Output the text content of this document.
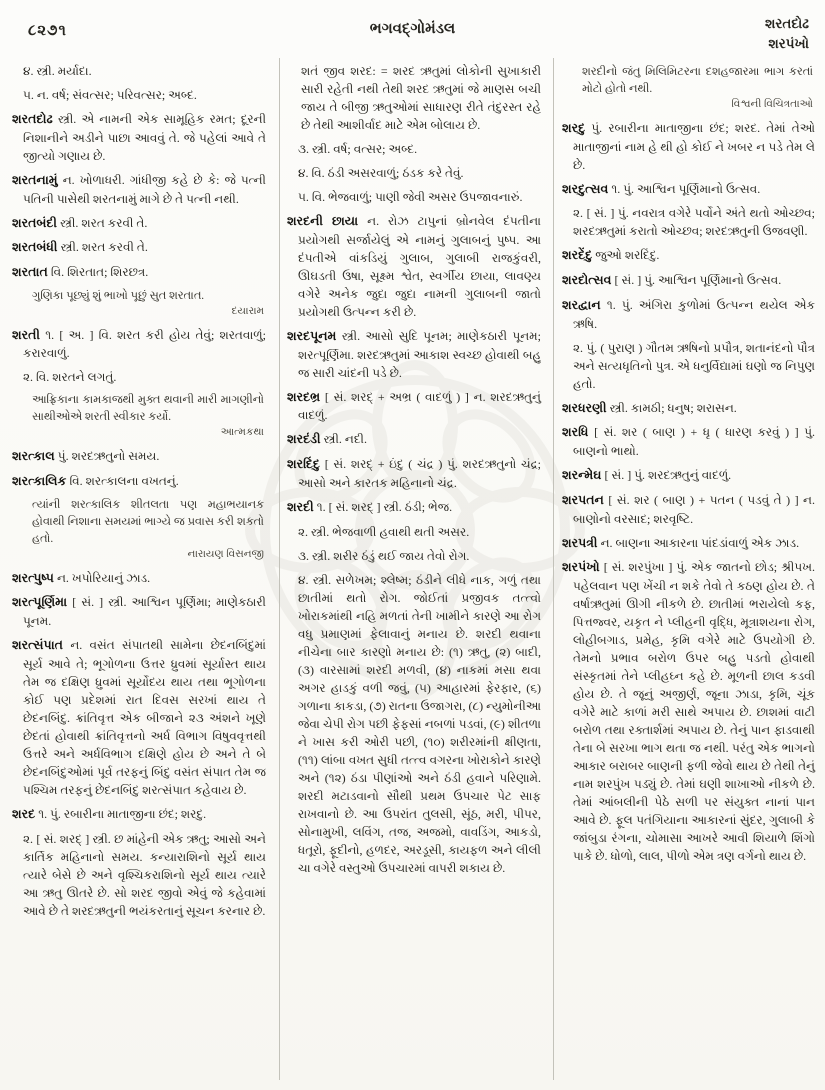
૮૨૭૧	ભગવદ્ગોમંડલ	શરતદોઢ
શરપંખો

૪. સ્ત્રી. મર્યાદા.

૫. ન. વર્ષ; સંવત્સર; પરિવત્સર; અબ્દ.

શરતદોઢ સ્ત્રી. એ નામની એક સામૂહિક રમત; દૂરની નિશાનીને અડીને પાછા આવવું તે. જે પહેલાં આવે તે જીત્યો ગણાય છે.

શરતનામું ન. ખોળાધરી. ગાંધીજી કહે છે કે: જે પત્ની પતિની પાસેથી શરતનામું માગે છે તે પત્ની નથી.

શરતબંદી સ્ત્રી. શરત કરવી તે.

શરતબંધી સ્ત્રી. શરત કરવી તે.

શરતાત વિ. શિરતાત; શિરછત્ર.

ગુણિકા પૂછ્યું શું ભાખો પૂછું સુત શરતાત.

દયારામ

શરતી ૧. [ અ. ] વિ. શરત કરી હોય તેવું; શરતવાળું; કરારવાળું.

૨. વિ. શરતને લગતું.

આફ્રિકાના કામકાજથી મુક્ત થવાની મારી માગણીનો સાથીઓએ શરતી સ્વીકાર કર્યો.

આત્મકથા

શરત્કાલ પું. શરદઋતુનો સમય.

શરત્કાલિક વિ. શરત્કાલના વખતનું.

ત્યાંની શરત્કાલિક શીતલતા પણ મહાભયાનક હોવાથી નિશાના સમયમાં ભાગ્યે જ પ્રવાસ કરી શકતો હતો.

નારાયણ વિસનજી

શરત્પુષ્પ ન. ખપોરિયાનું ઝાડ.

શરત્પૂર્ણિમા [ સં. ] સ્ત્રી. આશ્વિન પૂર્ણિમા; માણેકઠારી પૂનમ.

શરત્સંપાત ન. વસંત સંપાતથી સામેના છેદનબિંદુમાં સૂર્ય આવે તે; ભૂગોળના ઉત્તર ધ્રુવમાં સૂર્યાસ્ત થાય તેમ જ દક્ષિણ ધ્રુવમાં સૂર્યોદય થાય તથા ભૂગોળના કોઈ પણ પ્રદેશમાં રાત દિવસ સરખાં થાય તે છેદનબિંદુ. ક્રાંતિવૃત્ત એક બીજાને ૨૩ અંશને ખૂણે છેદતાં હોવાથી ક્રાંતિવૃત્તનો અર્ધ વિભાગ વિષુવવૃત્તથી ઉત્તરે અને અર્ધવિભાગ દક્ષિણે હોય છે અને તે બે છેદનબિંદુઓમાં પૂર્વ તરફનું બિંદુ વસંત સંપાત તેમ જ પશ્ચિમ તરફનું છેદનબિંદુ શરત્સંપાત કહેવાય છે.

શરદ ૧. પું. રબારીના માતાજીના છંદ; શરદુ.

૨. [ સં. શરદ્ ] સ્ત્રી. છ માંહેની એક ઋતુ; આસો અને કાર્તિક મહિનાનો સમય. કન્યારાશિનો સૂર્ય થાય ત્યારે બેસે છે અને વૃશ્ચિકરાશિનો સૂર્ય થાય ત્યારે આ ઋતુ ઊતરે છે. સો શરદ જીવો એવું જે કહેવામાં આવે છે તે શરદઋતુની ભયંકરતાનું સૂચન કરનાર છે.

શતં જીવ શરદ: = શરદ ઋતુમાં લોકોની સુખાકારી સારી રહેતી નથી તેથી શરદ ઋતુમાં જે માણસ બચી જાય તે બીજી ઋતુઓમાં સાધારણ રીતે તંદુરસ્ત રહે છે તેથી આશીર્વાદ માટે એમ બોલાય છે.

૩. સ્ત્રી. વર્ષ; વત્સર; અબ્દ.

૪. વિ. ઠંડી અસરવાળું; ઠંડક કરે તેવું.

૫. વિ. ભેજવાળું; પાણી જેવી અસર ઉપજાવનારું.

શરદની છાયા ન. રોઝ ટાપુનાં બ્રોનવેલ દંપતીના પ્રયોગથી સર્જાયેલું એ નામનું ગુલાબનું પુષ્પ. આ દંપતીએ વાંકડિયું ગુલાબ, ગુલાબી રાજકુંવરી, ઊઘડતી ઉષા, સૂક્ષ્મ શ્વેત, સ્વર્ગીય છાયા, લાવણ્ય વગેરે અનેક જુદા જુદા નામની ગુલાબની જાતો પ્રયોગથી ઉત્પન્ન કરી છે.

શરદપૂનમ સ્ત્રી. આસો સુદિ પૂનમ; માણેકઠારી પૂનમ; શરત્પૂર્ણિમા. શરદઋતુમાં આકાશ સ્વચ્છ હોવાથી બહુ જ સારી ચાંદની પડે છે.

શરદભ્ર [ સં. શરદ્ + અભ્ર ( વાદળું ) ] ન. શરદઋતુનું વાદળું.

શરદંડી સ્ત્રી. નદી.

શરદિંદુ [ સં. શરદ્ + ઇંદુ ( ચંદ્ર ) પું. શરદઋતુનો ચંદ્ર; આસો અને કારતક મહિનાનો ચંદ્ર.

શરદી ૧. [ સં. શરદ્ ] સ્ત્રી. ઠંડી; ભેજ.

૨. સ્ત્રી. ભેજવાળી હવાથી થતી અસર.

૩. સ્ત્રી. શરીર ઠંડું થઈ જાય તેવો રોગ.

૪. સ્ત્રી. સળેખમ; શ્લેષ્મ; ઠંડીને લીધે નાક, ગળું તથા છાતીમાં થતો રોગ. જોઈતાં પ્રજીવક તત્ત્વો ખોરાકમાંથી નહિ મળતાં તેની ખામીને કારણે આ રોગ વધુ પ્રમાણમાં ફેલાવાનું મનાય છે. શરદી થવાના નીચેના બાર કારણો મનાય છે: (૧) ઋતુ, (૨) બાદી, (૩) વારસામાં શરદી મળવી, (૪) નાકમાં મસા થવા અગર હાડકું વળી જવું, (૫) આહારમાં ફેરફાર, (૬) ગળાના કાકડા, (૭) રાતના ઉજાગરા, (૮) ન્યુમોનીઆ જેવા ચેપી રોગ પછી ફેફસાં નબળાં પડવાં, (૯) શીતળા ને ખાસ કરી ઓરી પછી, (૧૦) શરીરમાંની ક્ષીણતા, (૧૧) લાંબા વખત સુધી તત્ત્વ વગરના ખોરાકોને કારણે અને (૧૨) ઠંડા પીણાંઓ અને ઠંડી હવાને પરિણામે. શરદી મટાડવાનો સૌથી પ્રથમ ઉપચાર પેટ સાફ રાખવાનો છે. આ ઉપરાંત તુલસી, સૂંઠ, મરી, પીપર, સોનામુખી, લવિંગ, તજ, અજમો, વાવડિંગ, આકડો, ધતૂરો, ફૂદીનો, હળદર, અરડૂસી, કાયફળ અને લીલી ચા વગેરે વસ્તુઓ ઉપચારમાં વાપરી શકાય છે.

શરદીનો જંતુ મિલિમિટરના દશહજારમા ભાગ કરતાં મોટો હોતો નથી.

વિશ્વની વિચિત્રતાઓ

શરદુ પું. રબારીના માતાજીના છંદ; શરદ. તેમાં તેઓ માતાજીનાં નામ હે થી હો કોઈ ને ખબર ન પડે તેમ લે છે.

શરદુત્સવ ૧. પું. આશ્વિન પૂર્ણિમાનો ઉત્સવ.

૨. [ સં. ] પું. નવરાત્ર વગેરે પર્વોને અંતે થતો ઓચ્છવ; શરદઋતુમાં કરાતો ઓચ્છવ; શરદઋતુની ઉજવણી.

શરદેંદુ જુઓ શરદિંદુ.

શરદોત્સવ [ સં. ] પું. આશ્વિન પૂર્ણિમાનો ઉત્સવ.

શરદ્વાન ૧. પું. અંગિરા કુળોમાં ઉત્પન્ન થયેલ એક ઋષિ.

૨. પું. ( પુરાણ ) ગૌતમ ઋષિનો પ્રપૌત્ર, શતાનંદનો પૌત્ર અને સત્યધૃતિનો પુત્ર. એ ધનુર્વિદ્યામાં ઘણો જ નિપુણ હતો.

શરધરણી સ્ત્રી. કામઠી; ધનુષ; શરાસન.

શરધિ [ સં. શર ( બાણ ) + ધૃ ( ધારણ કરવું ) ] પું. બાણનો ભાથો.

શરન્મેઘ [ સં. ] પું. શરદઋતુનું વાદળું.

શરપતન [ સં. શર ( બાણ ) + પતન ( પડવું તે ) ] ન. બાણોનો વરસાદ; શરવૃષ્ટિ.

શરપત્રી ન. બાણના આકારના પાંદડાંવાળું એક ઝાડ.

શરપંખો [ સં. શરપુંખા ] પું. એક જાતનો છોડ; શ્રીપખ. પહેલવાન પણ ખેંચી ન શકે તેવો તે કઠણ હોય છે. તે વર્ષાઋતુમાં ઊગી નીકળે છે. છાતીમાં ભરાયેલો કફ, પિત્તજ્વર, યકૃત ને પ્લીહની વૃદ્ધિ, મૂત્રાશયના રોગ, લોહીબગાડ, પ્રમેહ, કૃમિ વગેરે માટે ઉપયોગી છે. તેમનો પ્રભાવ બરોળ ઉપર બહુ પડતો હોવાથી સંસ્કૃતમાં તેને પ્લીહઘ્ન કહે છે. મૂળની છાલ કડવી હોય છે. તે જૂનું અજીર્ણ, જૂના ઝાડા, કૃમિ, ચૂંક વગેરે માટે કાળાં મરી સાથે અપાય છે. છાશમાં વાટી બરોળ તથા રક્તાર્શમાં અપાય છે. તેનું પાન ફાડવાથી તેના બે સરખા ભાગ થતા જ નથી. પરંતુ એક ભાગનો આકાર બરાબર બાણની ફળી જેવો થાય છે તેથી તેનું નામ શરપુંખ પડ્યું છે. તેમાં ઘણી શાખાઓ નીકળે છે. તેમાં આંબલીની પેઠે સળી પર સંયુક્ત નાનાં પાન આવે છે. ફૂલ પતંગિયાના આકારનાં સુંદર, ગુલાબી કે જાંબુડા રંગના, ચોમાસા આખરે આવી શિયાળે શિંગો પાકે છે. ધોળો, લાલ, પીળો એમ ત્રણ વર્ગનો થાય છે.
